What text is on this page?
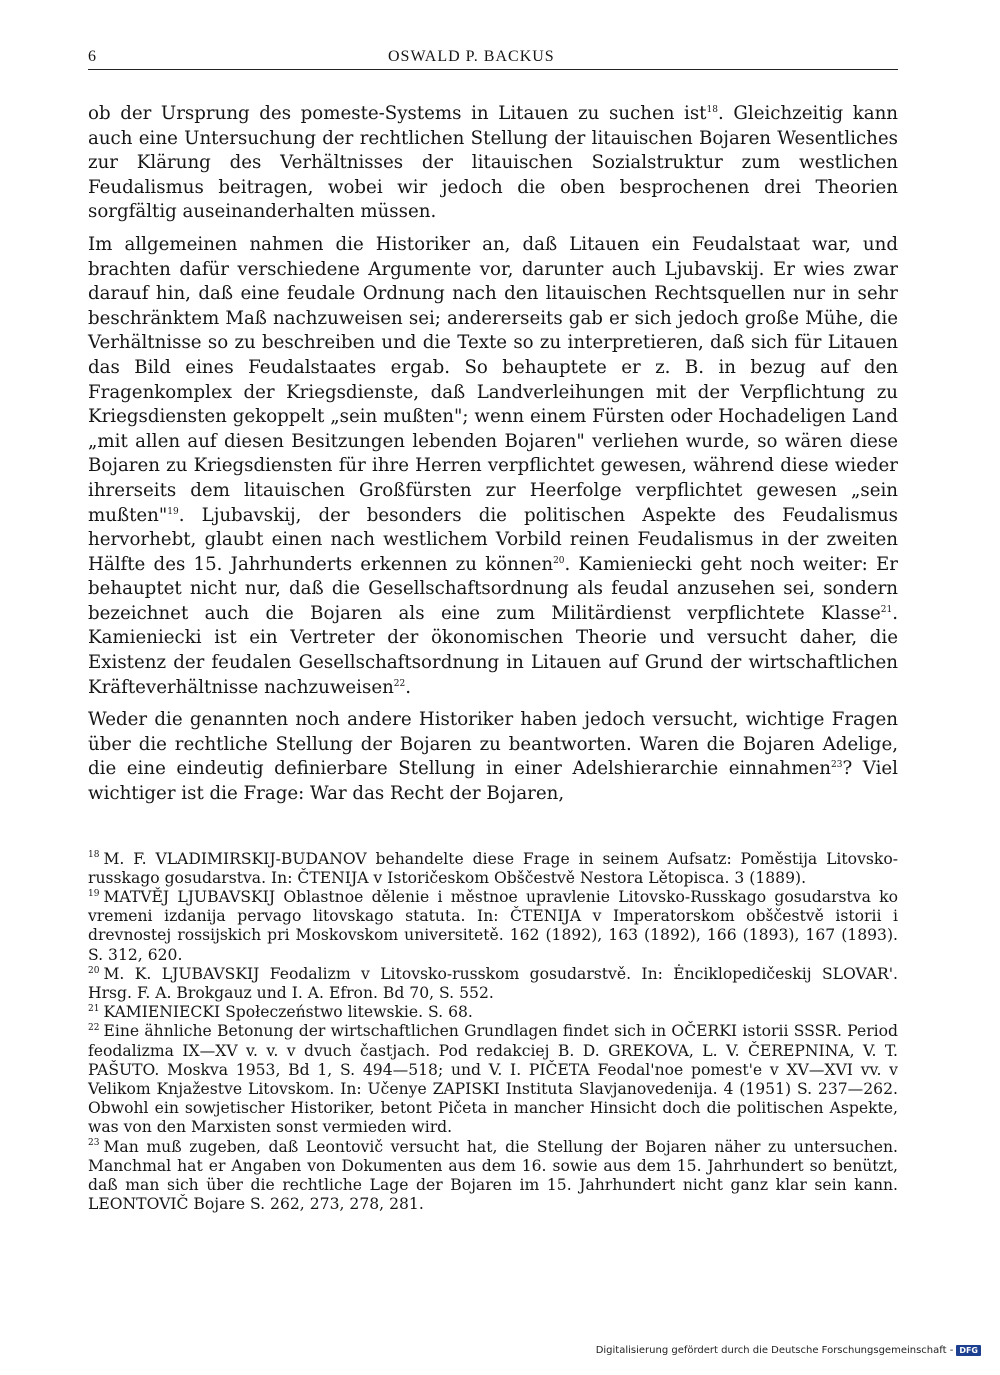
6	OSWALD P. BACKUS

ob der Ursprung des pomeste-Systems in Litauen zu suchen ist$^{18}$. Gleichzeitig kann auch eine Untersuchung der rechtlichen Stellung der litauischen Bojaren Wesentliches zur Klärung des Verhältnisses der litauischen Sozialstruktur zum westlichen Feudalismus beitragen, wobei wir jedoch die oben besprochenen drei Theorien sorgfältig auseinanderhalten müssen.

Im allgemeinen nahmen die Historiker an, daß Litauen ein Feudalstaat war, und brachten dafür verschiedene Argumente vor, darunter auch Ljubavskij. Er wies zwar darauf hin, daß eine feudale Ordnung nach den litauischen Rechtsquellen nur in sehr beschränktem Maß nachzuweisen sei; andererseits gab er sich jedoch große Mühe, die Verhältnisse so zu beschreiben und die Texte so zu interpretieren, daß sich für Litauen das Bild eines Feudalstaates ergab. So behauptete er z. B. in bezug auf den Fragenkomplex der Kriegsdienste, daß Landverleihungen mit der Verpflichtung zu Kriegsdiensten gekoppelt „sein mußten"; wenn einem Fürsten oder Hochadeligen Land „mit allen auf diesen Besitzungen lebenden Bojaren" verliehen wurde, so wären diese Bojaren zu Kriegsdiensten für ihre Herren verpflichtet gewesen, während diese wieder ihrerseits dem litauischen Großfürsten zur Heerfolge verpflichtet gewesen „sein mußten"$^{19}$. Ljubavskij, der besonders die politischen Aspekte des Feudalismus hervorhebt, glaubt einen nach westlichem Vorbild reinen Feudalismus in der zweiten Hälfte des 15. Jahrhunderts erkennen zu können$^{20}$. Kamieniecki geht noch weiter: Er behauptet nicht nur, daß die Gesellschaftsordnung als feudal anzusehen sei, sondern bezeichnet auch die Bojaren als eine zum Militärdienst verpflichtete Klasse$^{21}$. Kamieniecki ist ein Vertreter der ökonomischen Theorie und versucht daher, die Existenz der feudalen Gesellschaftsordnung in Litauen auf Grund der wirtschaftlichen Kräfteverhältnisse nachzuweisen$^{22}$.

Weder die genannten noch andere Historiker haben jedoch versucht, wichtige Fragen über die rechtliche Stellung der Bojaren zu beantworten. Waren die Bojaren Adelige, die eine eindeutig definierbare Stellung in einer Adelshierarchie einnahmen$^{23}$? Viel wichtiger ist die Frage: War das Recht der Bojaren,

$^{18}$ M. F. VLADIMIRSKIJ-BUDANOV behandelte diese Frage in seinem Aufsatz: Poměstija Litovsko-russkago gosudarstva. In: ČTENIJA v Istoričeskom Obščestvě Nestora Lětopisca. 3 (1889).

$^{19}$ MATVĚJ LJUBAVSKIJ Oblastnoe dělenie i městnoe upravlenie Litovsko-Russkago gosudarstva ko vremeni izdanija pervago litovskago statuta. In: ČTENIJA v Imperatorskom obščestvě istorii i drevnostej rossijskich pri Moskovskom universitetě. 162 (1892), 163 (1892), 166 (1893), 167 (1893). S. 312, 620.

$^{20}$ M. K. LJUBAVSKIJ Feodalizm v Litovsko-russkom gosudarstvě. In: Ėnciklopedičeskij SLOVAR'. Hrsg. F. A. Brokgauz und I. A. Efron. Bd 70, S. 552.

$^{21}$ KAMIENIECKI Społeczeństwo litewskie. S. 68.

$^{22}$ Eine ähnliche Betonung der wirtschaftlichen Grundlagen findet sich in OČERKI istorii SSSR. Period feodalizma IX—XV v. v. v dvuch častjach. Pod redakciej B. D. GREKOVA, L. V. ČEREPNINA, V. T. PAŠUTO. Moskva 1953, Bd 1, S. 494—518; und V. I. PIČETA Feodal'noe pomest'e v XV—XVI vv. v Velikom Knjažestve Litovskom. In: Učenye ZAPISKI Instituta Slavjanovedenija. 4 (1951) S. 237—262. Obwohl ein sowjetischer Historiker, betont Pičeta in mancher Hinsicht doch die politischen Aspekte, was von den Marxisten sonst vermieden wird.

$^{23}$ Man muß zugeben, daß Leontovič versucht hat, die Stellung der Bojaren näher zu untersuchen. Manchmal hat er Angaben von Dokumenten aus dem 16. sowie aus dem 15. Jahrhundert so benützt, daß man sich über die rechtliche Lage der Bojaren im 15. Jahrhundert nicht ganz klar sein kann. LEONTOVIČ Bojare S. 262, 273, 278, 281.

Digitalisierung gefördert durch die Deutsche Forschungsgemeinschaft - DFG
